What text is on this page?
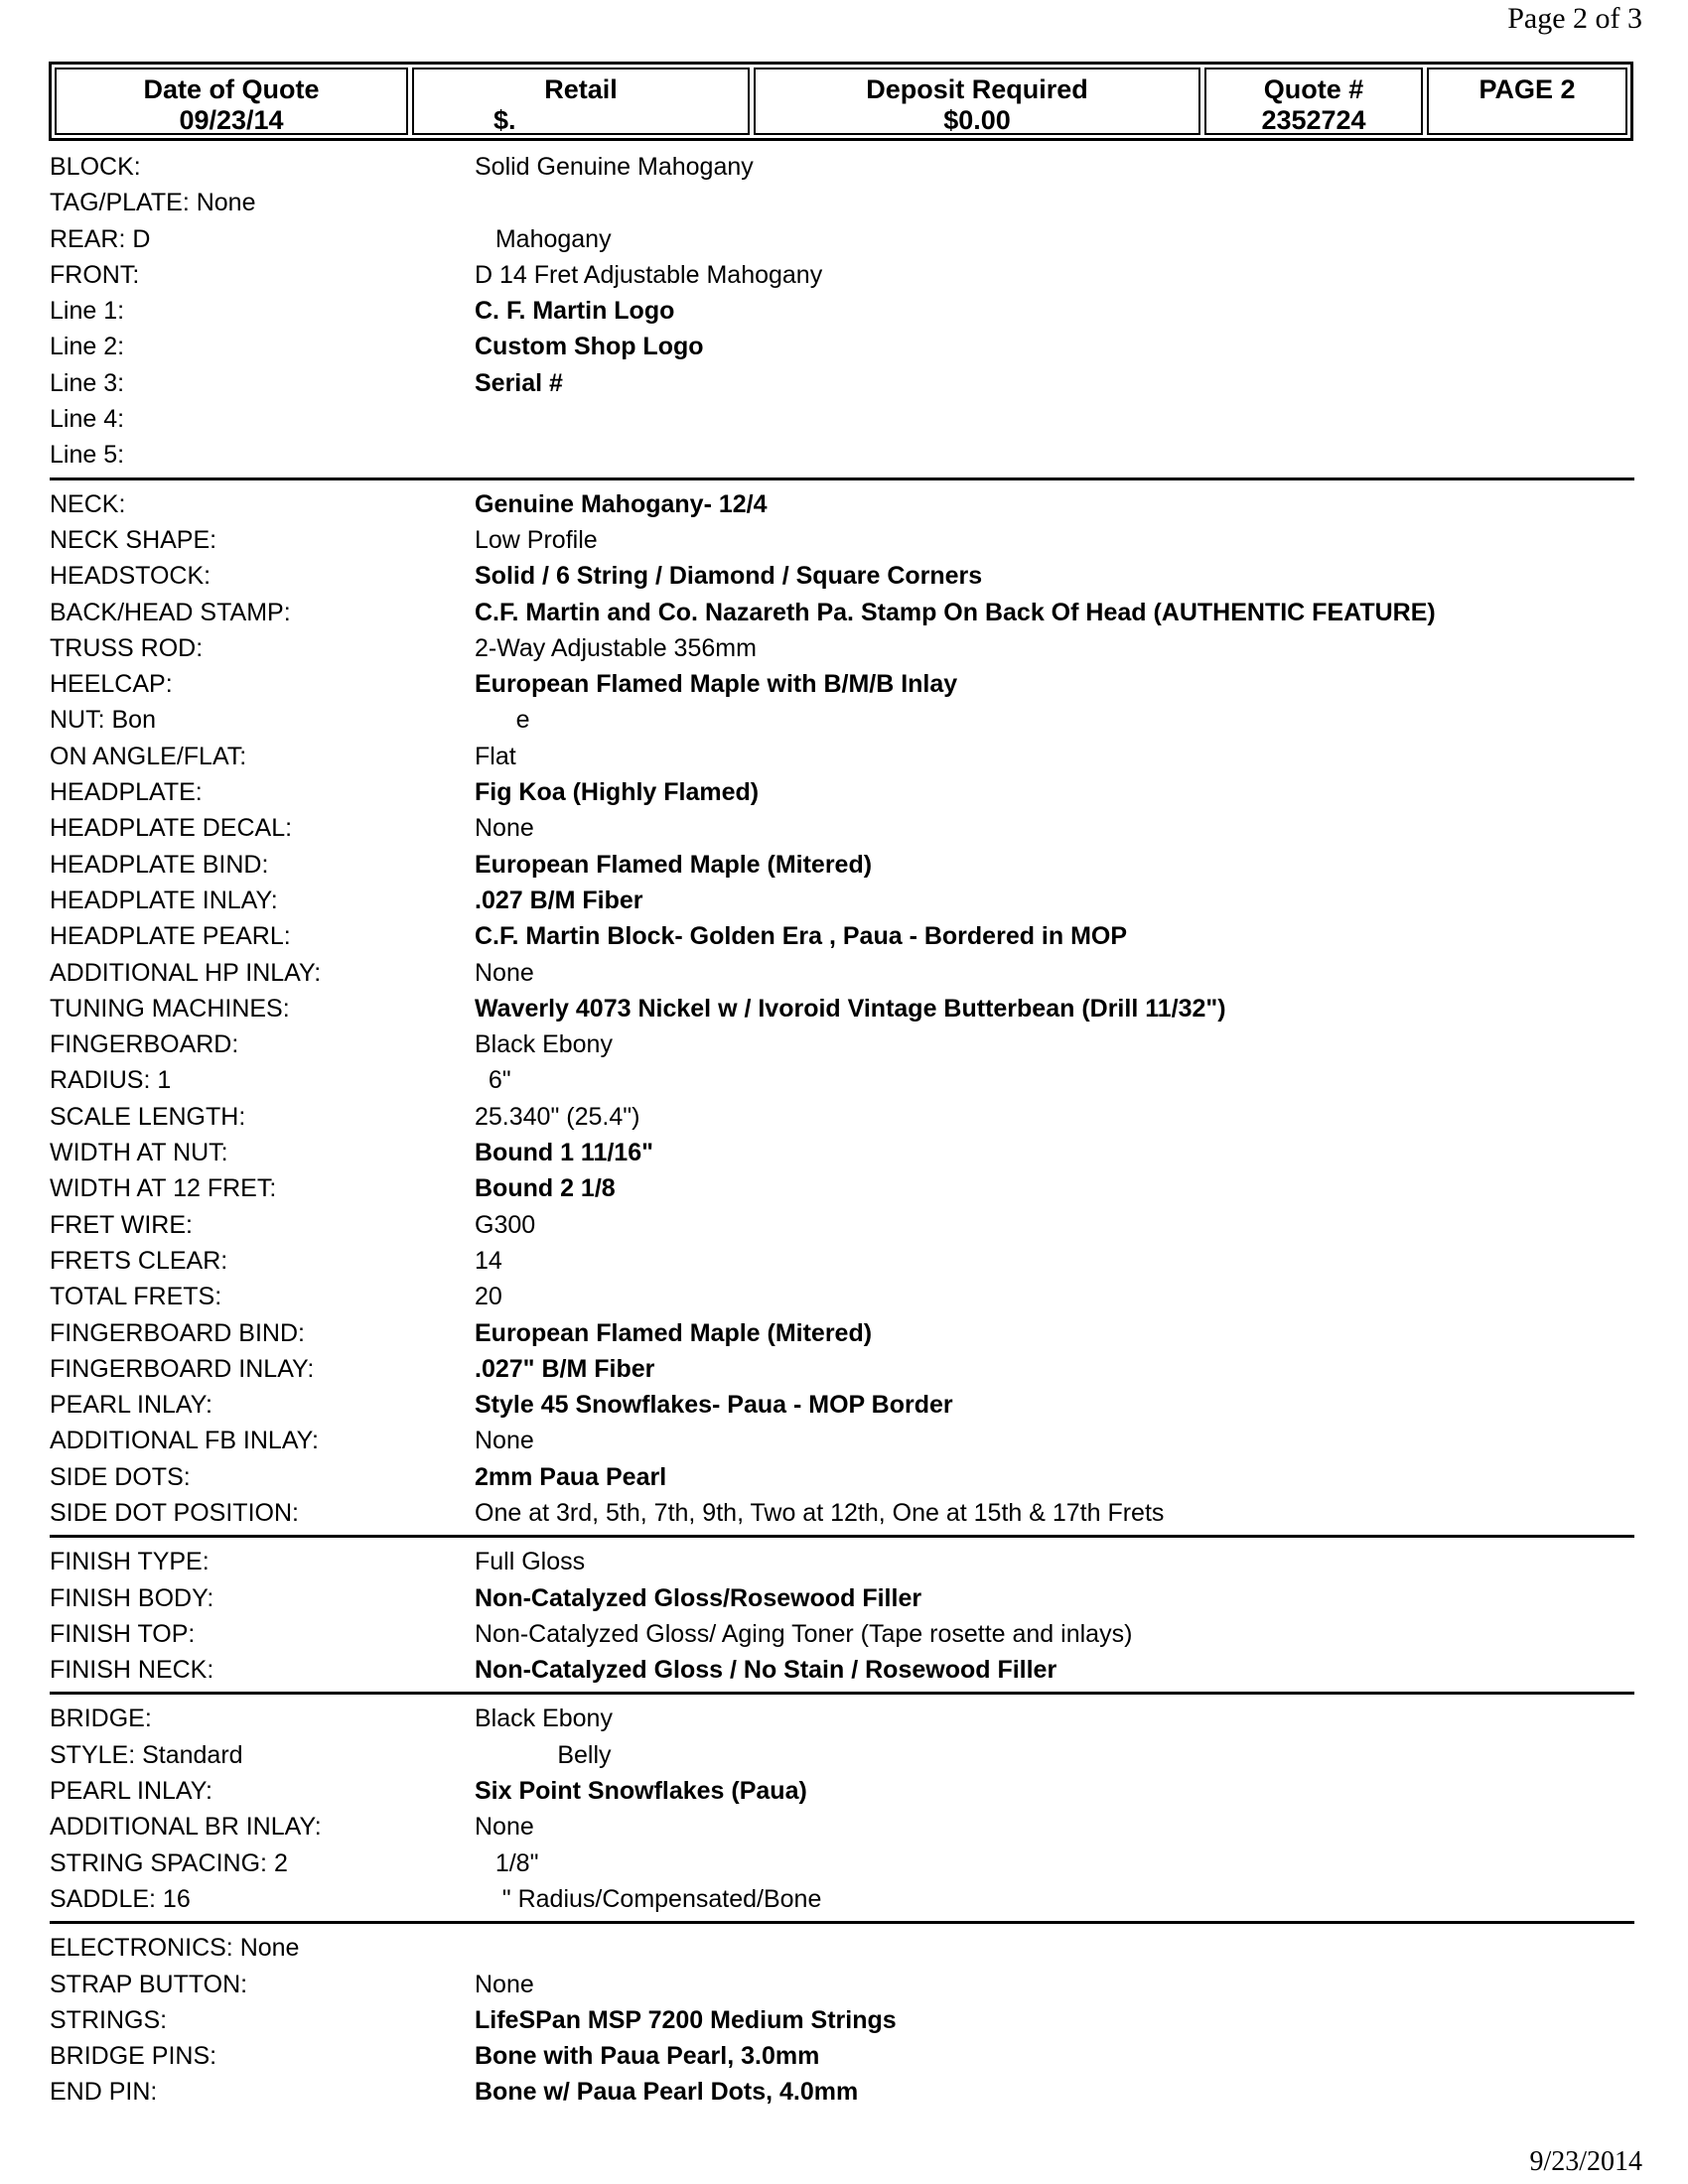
Page 2 of 3
Date of Quote
09/23/14
Retail
$.
Deposit Required
$0.00
Quote #
2352724
PAGE 2
BLOCK:	Solid Genuine Mahogany
TAG/PLATE: None
REAR: D	Mahogany
FRONT:	D 14 Fret Adjustable Mahogany
Line 1:	C. F. Martin Logo
Line 2:	Custom Shop Logo
Line 3:	Serial #
Line 4:
Line 5:
NECK:	Genuine Mahogany- 12/4
NECK SHAPE:	Low Profile
HEADSTOCK:	Solid / 6 String / Diamond / Square Corners
BACK/HEAD STAMP:	C.F. Martin and Co. Nazareth Pa. Stamp On Back Of Head (AUTHENTIC FEATURE)
TRUSS ROD:	2-Way Adjustable 356mm
HEELCAP:	European Flamed Maple with B/M/B Inlay
NUT: Bon	e
ON ANGLE/FLAT:	Flat
HEADPLATE:	Fig Koa (Highly Flamed)
HEADPLATE DECAL:	None
HEADPLATE BIND:	European Flamed Maple (Mitered)
HEADPLATE INLAY:	.027 B/M Fiber
HEADPLATE PEARL:	C.F. Martin Block- Golden Era , Paua - Bordered in MOP
ADDITIONAL HP INLAY:	None
TUNING MACHINES:	Waverly 4073 Nickel w / Ivoroid Vintage Butterbean (Drill 11/32")
FINGERBOARD:	Black Ebony
RADIUS: 1	6"
SCALE LENGTH:	25.340" (25.4")
WIDTH AT NUT:	Bound 1 11/16"
WIDTH AT 12 FRET:	Bound 2 1/8
FRET WIRE:	G300
FRETS CLEAR:	14
TOTAL FRETS:	20
FINGERBOARD BIND:	European Flamed Maple (Mitered)
FINGERBOARD INLAY:	.027" B/M Fiber
PEARL INLAY:	Style 45 Snowflakes- Paua - MOP Border
ADDITIONAL FB INLAY:	None
SIDE DOTS:	2mm Paua Pearl
SIDE DOT POSITION:	One at 3rd, 5th, 7th, 9th, Two at 12th, One at 15th & 17th Frets
FINISH TYPE:	Full Gloss
FINISH BODY:	Non-Catalyzed Gloss/Rosewood Filler
FINISH TOP:	Non-Catalyzed Gloss/ Aging Toner (Tape rosette and inlays)
FINISH NECK:	Non-Catalyzed Gloss / No Stain / Rosewood Filler
BRIDGE:	Black Ebony
STYLE: Standard	Belly
PEARL INLAY:	Six Point Snowflakes (Paua)
ADDITIONAL BR INLAY:	None
STRING SPACING: 2	1/8"
SADDLE: 16	" Radius/Compensated/Bone
ELECTRONICS: None
STRAP BUTTON:	None
STRINGS:	LifeSPan MSP 7200 Medium Strings
BRIDGE PINS:	Bone with Paua Pearl, 3.0mm
END PIN:	Bone w/ Paua Pearl Dots, 4.0mm
9/23/2014
